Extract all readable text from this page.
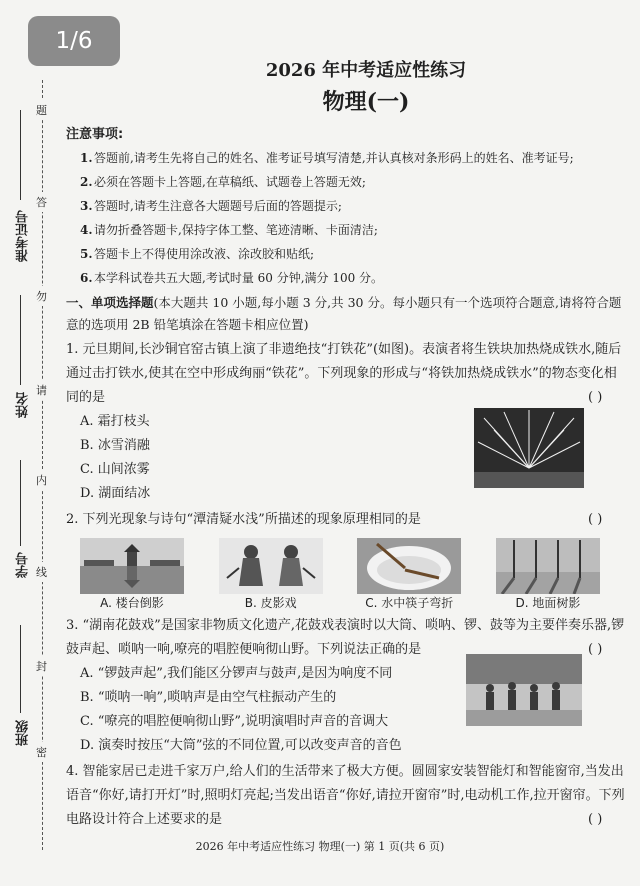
1/6
题
答
勿
请
内
线
封
密
准考证号
姓名
学号
班级
2026 年中考适应性练习
物理(一)
注意事项:
1. 答题前,请考生先将自己的姓名、准考证号填写清楚,并认真核对条形码上的姓名、准考证号;
2. 必须在答题卡上答题,在草稿纸、试题卷上答题无效;
3. 答题时,请考生注意各大题题号后面的答题提示;
4. 请勿折叠答题卡,保持字体工整、笔迹清晰、卡面清洁;
5. 答题卡上不得使用涂改液、涂改胶和贴纸;
6. 本学科试卷共五大题,考试时量 60 分钟,满分 100 分。
一、单项选择题(本大题共 10 小题,每小题 3 分,共 30 分。每小题只有一个选项符合题意,请将符合题意的选项用 2B 铅笔填涂在答题卡相应位置)
1. 元旦期间,长沙铜官窑古镇上演了非遗绝技“打铁花”(如图)。表演者将生铁块加热烧成铁水,随后通过击打铁水,使其在空中形成绚丽“铁花”。下列现象的形成与“将铁加热烧成铁水”的物态变化相同的是	( )
A. 霜打枝头
B. 冰雪消融
C. 山间浓雾
D. 湖面结冰
2. 下列光现象与诗句“潭清疑水浅”所描述的现象原理相同的是	( )
A. 楼台倒影	B. 皮影戏	C. 水中筷子弯折	D. 地面树影
3. “湖南花鼓戏”是国家非物质文化遗产,花鼓戏表演时以大筒、唢呐、锣、鼓等为主要伴奏乐器,锣鼓声起、唢呐一响,嘹亮的唱腔便响彻山野。下列说法正确的是	( )
A. “锣鼓声起”,我们能区分锣声与鼓声,是因为响度不同
B. “唢呐一响”,唢呐声是由空气柱振动产生的
C. “嘹亮的唱腔便响彻山野”,说明演唱时声音的音调大
D. 演奏时按压“大筒”弦的不同位置,可以改变声音的音色
4. 智能家居已走进千家万户,给人们的生活带来了极大方便。圆圆家安装智能灯和智能窗帘,当发出语音“你好,请打开灯”时,照明灯亮起;当发出语音“你好,请拉开窗帘”时,电动机工作,拉开窗帘。下列电路设计符合上述要求的是	( )
2026 年中考适应性练习 物理(一) 第 1 页(共 6 页)
